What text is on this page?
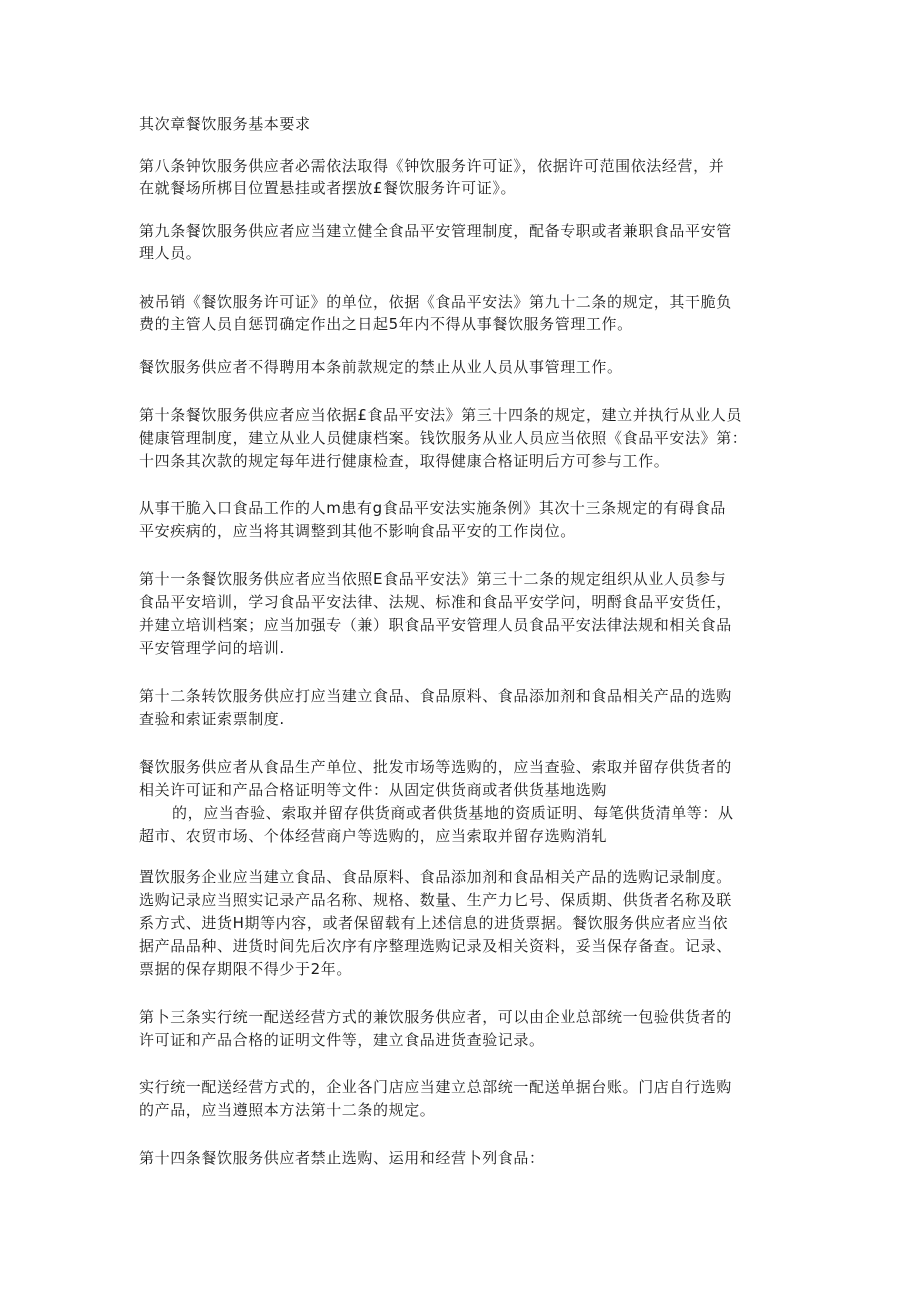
其次章餐饮服务基本要求
第八条钟饮服务供应者必需依法取得《钟饮服务许可证》，依据许可范围依法经营，并
在就餐场所梆目位置悬挂或者摆放£餐饮服务许可证》。
第九条餐饮服务供应者应当建立健全食品平安管理制度，配备专职或者兼职食品平安管
理人员。
被吊销《餐饮服务许可证》的单位，依据《食品平安法》第九十二条的规定，其干脆负
费的主管人员自惩罚确定作出之日起5年内不得从事餐饮服务管理工作。
餐饮服务供应者不得聘用本条前款规定的禁止从业人员从事管理工作。
第十条餐饮服务供应者应当依据£食品平安法》第三十四条的规定，建立并执行从业人员
健康管理制度，建立从业人员健康档案。钱饮服务从业人员应当依照《食品平安法》第：
十四条其次款的规定每年进行健康检查，取得健康合格证明后方可参与工作。
从事干脆入口食品工作的人m患有g食品平安法实施条例》其次十三条规定的有碍食品
平安疾病的，应当将其调整到其他不影响食品平安的工作岗位。
第十一条餐饮服务供应者应当依照E食品平安法》第三十二条的规定组织从业人员参与
食品平安培训，学习食品平安法律、法规、标准和食品平安学问，明酹食品平安货任，
并建立培训档案；应当加强专（兼）职食品平安管理人员食品平安法律法规和相关食品
平安管理学问的培训.
第十二条转饮服务供应打应当建立食品、食品原料、食品添加剂和食品相关产品的选购
查验和索证索票制度.
餐饮服务供应者从食品生产单位、批发市场等选购的，应当查验、索取并留存供货者的
相关许可证和产品合格证明等文件：从固定供货商或者供货基地选购
的，应当杳验、索取并留存供货商或者供货基地的资质证明、每笔供货清单等：从
超市、农贸市场、个体经营商户等选购的，应当索取并留存选购消轧
置饮服务企业应当建立食品、食品原料、食品添加剂和食品相关产品的选购记录制度。
选购记录应当照实记录产品名称、规格、数量、生产力匕号、保质期、供货者名称及联
系方式、进货H期等内容，或者保留载有上述信息的进货票据。餐饮服务供应者应当依
据产品品种、进货时间先后次序有序整理选购记录及相关资料，妥当保存备查。记录、
票据的保存期限不得少于2年。
第卜三条实行统一配送经营方式的兼饮服务供应者，可以由企业总部统一包验供货者的
许可证和产品合格的证明文件等，建立食品进货查验记录。
实行统一配送经营方式的，企业各门店应当建立总部统一配送单据台账。门店自行选购
的产品，应当遵照本方法第十二条的规定。
第十四条餐饮服务供应者禁止选购、运用和经营卜列食品：
